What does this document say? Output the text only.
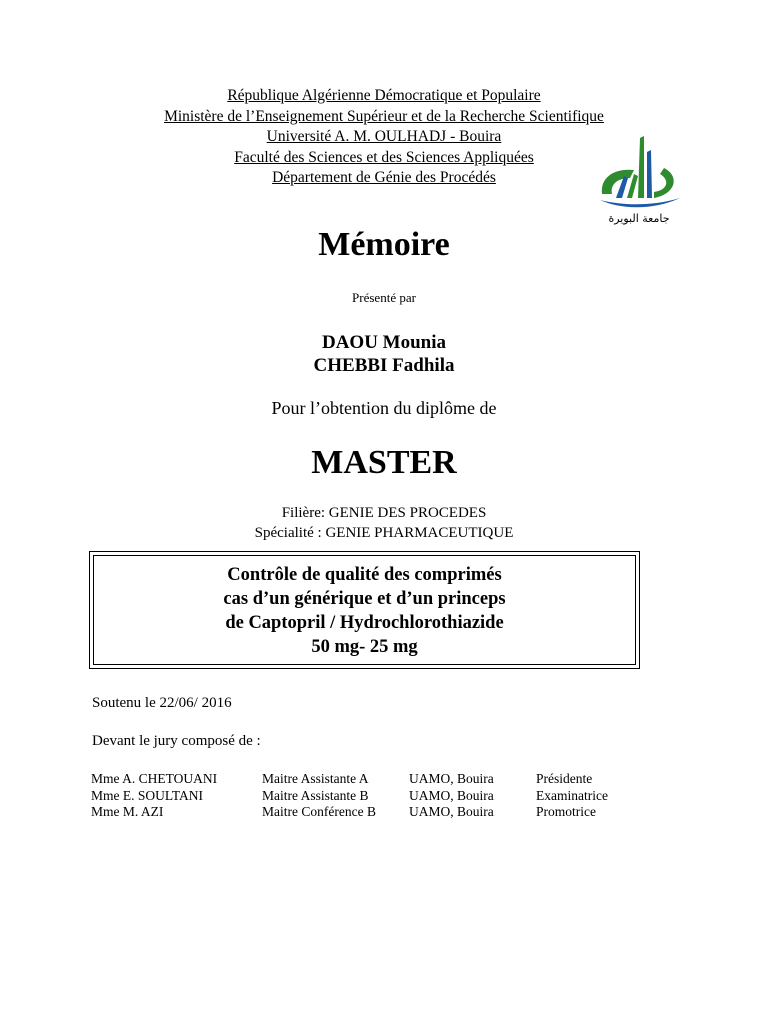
République Algérienne Démocratique et Populaire
Ministère de l’Enseignement Supérieur et de la Recherche Scientifique
Université A. M. OULHADJ - Bouira
Faculté des Sciences et des Sciences Appliquées
Département de Génie des Procédés
جامعة البويرة
Mémoire
Présenté par
DAOU Mounia
CHEBBI Fadhila
Pour l’obtention du diplôme de
MASTER
Filière: GENIE DES PROCEDES
Spécialité : GENIE PHARMACEUTIQUE
Contrôle de qualité des comprimés
cas d’un générique et d’un princeps
de Captopril / Hydrochlorothiazide
50 mg- 25 mg
Soutenu le 22/06/ 2016
Devant le jury composé de :
Mme A. CHETOUANI	Maitre Assistante A	UAMO, Bouira	Présidente
Mme E. SOULTANI	Maitre Assistante B	UAMO, Bouira	Examinatrice
Mme M. AZI	Maitre Conférence B UAMO, Bouira	Promotrice
